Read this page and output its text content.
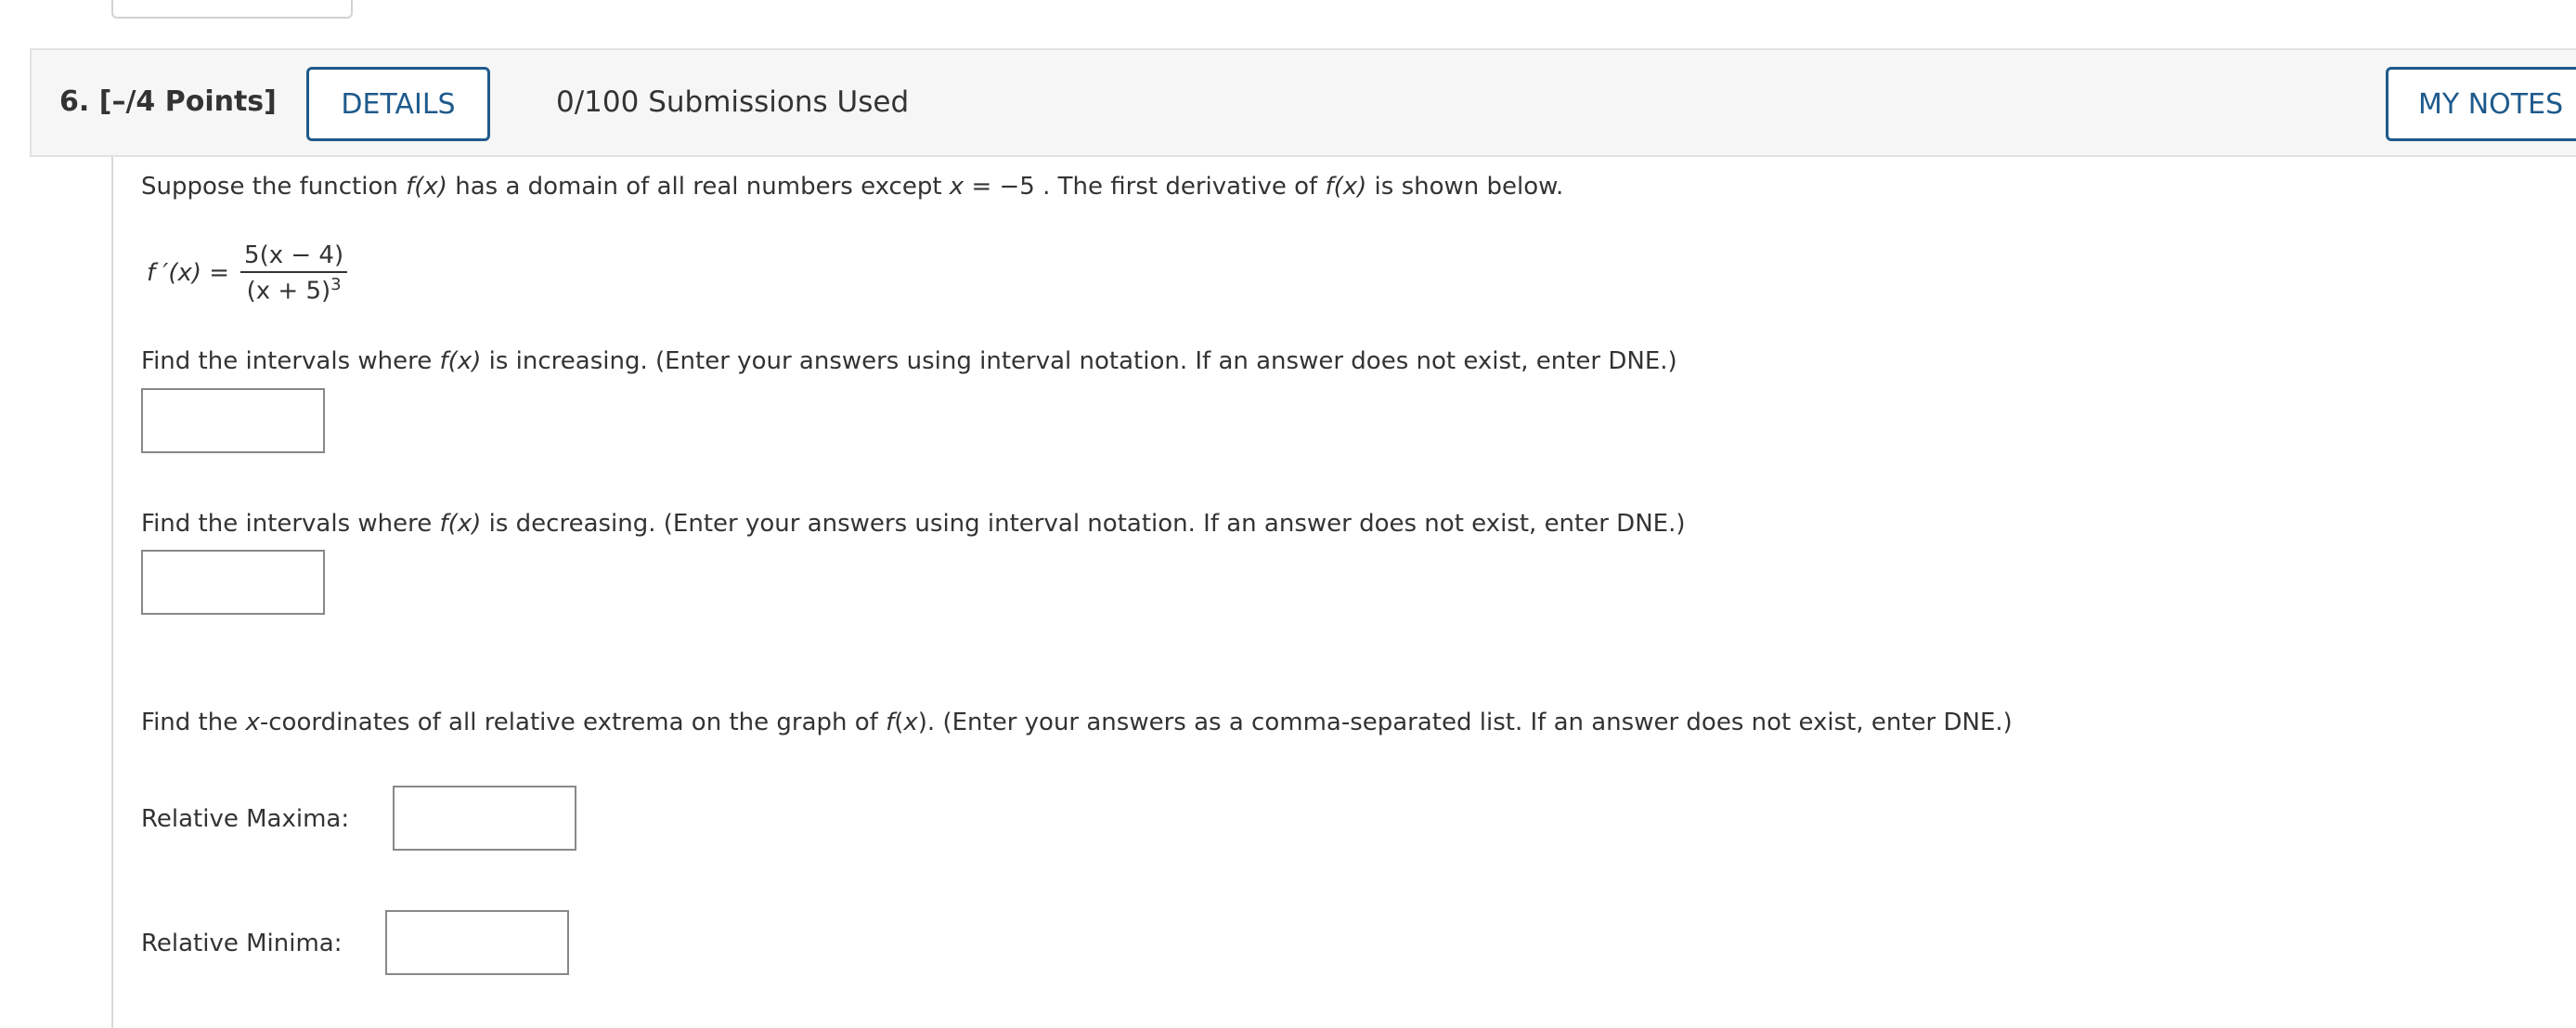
6. [–/4 Points]	DETAILS	0/100 Submissions Used	MY NOTES
Suppose the function f(x) has a domain of all real numbers except x = −5 . The first derivative of f(x) is shown below.
f $'(x) = \frac{5(x - 4)}{(x + 5)^3}$
Find the intervals where f(x) is increasing. (Enter your answers using interval notation. If an answer does not exist, enter DNE.)
Find the intervals where f(x) is decreasing. (Enter your answers using interval notation. If an answer does not exist, enter DNE.)
Find the x-coordinates of all relative extrema on the graph of f(x). (Enter your answers as a comma-separated list. If an answer does not exist, enter DNE.)
Relative Maxima:
Relative Minima:
